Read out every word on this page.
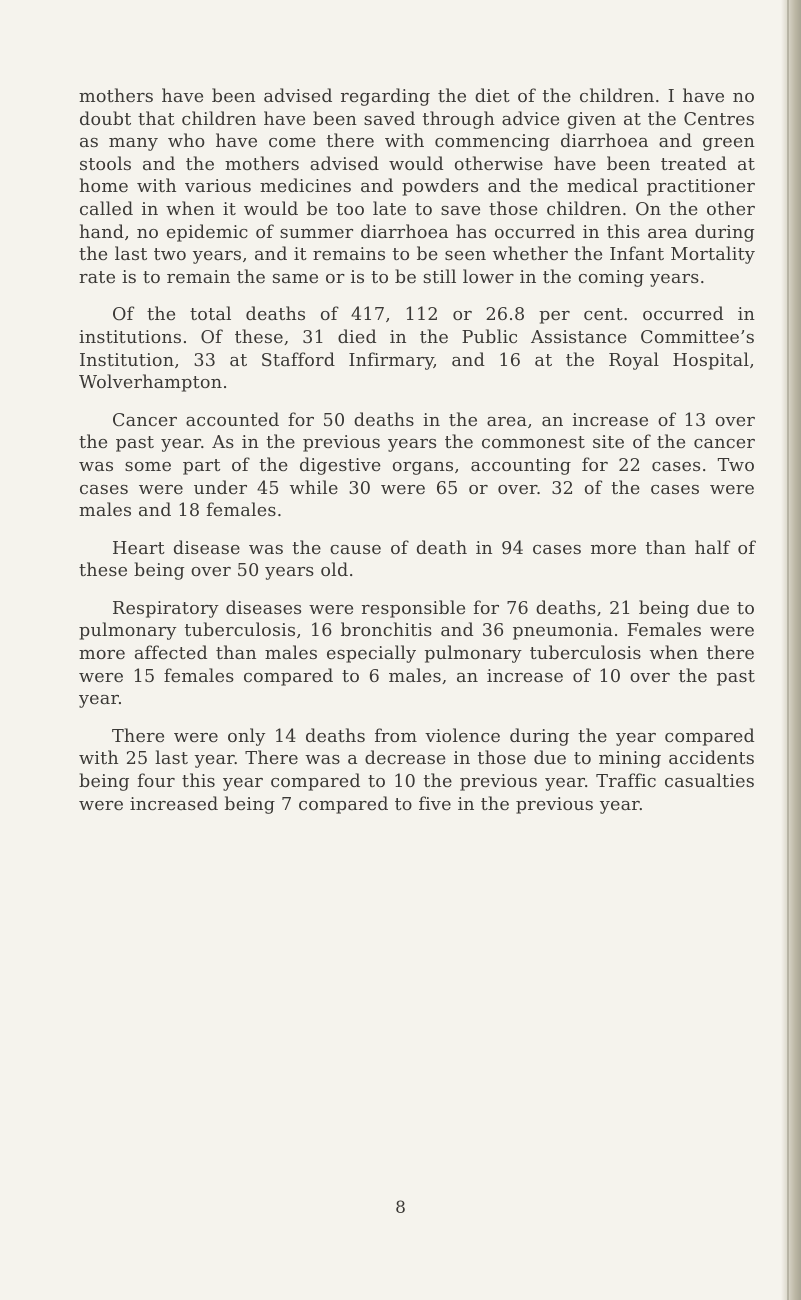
mothers have been advised regarding the diet of the children. I have no doubt that children have been saved through advice given at the Centres as many who have come there with commencing diarrhoea and green stools and the mothers advised would otherwise have been treated at home with various medicines and powders and the medical practitioner called in when it would be too late to save those children. On the other hand, no epidemic of summer diarrhoea has occurred in this area during the last two years, and it remains to be seen whether the Infant Mortality rate is to remain the same or is to be still lower in the coming years.

Of the total deaths of 417, 112 or 26.8 per cent. occurred in institutions. Of these, 31 died in the Public Assistance Committee’s Institution, 33 at Stafford Infirmary, and 16 at the Royal Hospital, Wolverhampton.

Cancer accounted for 50 deaths in the area, an increase of 13 over the past year. As in the previous years the commonest site of the cancer was some part of the digestive organs, accounting for 22 cases. Two cases were under 45 while 30 were 65 or over. 32 of the cases were males and 18 females.

Heart disease was the cause of death in 94 cases more than half of these being over 50 years old.

Respiratory diseases were responsible for 76 deaths, 21 being due to pulmonary tuberculosis, 16 bronchitis and 36 pneumonia. Females were more affected than males especially pulmonary tuberculosis when there were 15 females compared to 6 males, an increase of 10 over the past year.

There were only 14 deaths from violence during the year compared with 25 last year. There was a decrease in those due to mining accidents being four this year compared to 10 the previous year. Traffic casualties were increased being 7 compared to five in the previous year.

8
